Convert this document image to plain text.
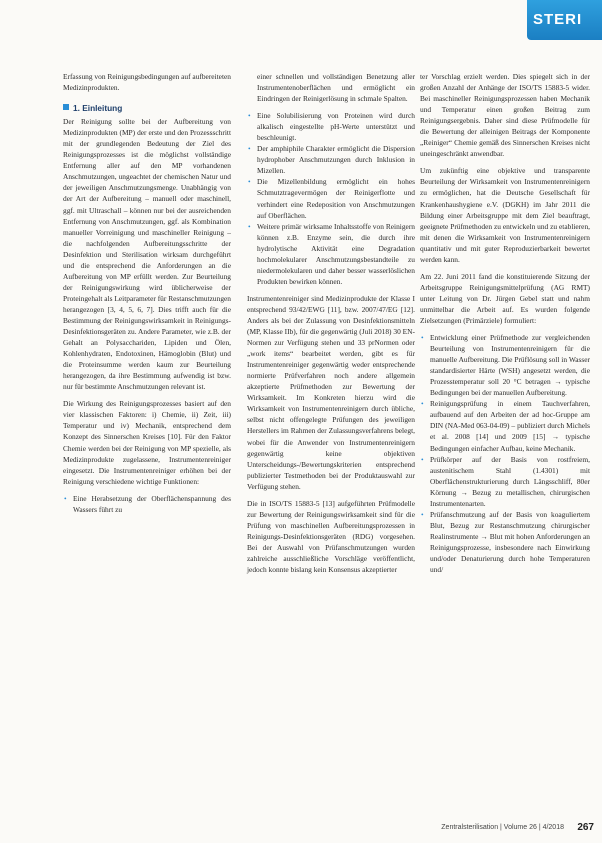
STERI

Erfassung von Reinigungsbedingungen auf aufbereiteten Medizinprodukten.

1. Einleitung

Der Reinigung sollte bei der Aufbereitung von Medizinprodukten (MP) der erste und den Prozessschritt mit der grundlegenden Bedeutung der Ziel des Reinigungsprozesses ist die möglichst vollständige Entfernung aller auf den MP vorhandenen Anschmutzungen, ungeachtet der chemischen Natur und der jeweiligen Anschmutzungsmenge. Unabhängig von der Art der Aufbereitung – manuell oder maschinell, ggf. mit Ultraschall – können nur bei der ausreichenden Entfernung von Anschmutzungen, ggf. als Kombination manueller Vorreinigung und maschineller Reinigung – die nachfolgenden Aufbereitungsschritte der Desinfektion und Sterilisation wirksam durchgeführt und die entsprechend die Anforderungen an die Aufbereitung von MP erfüllt werden. Zur Beurteilung der Reinigungswirkung wird üblicherweise der Proteingehalt als Leitparameter für Restanschmutzungen herangezogen [3, 4, 5, 6, 7]. Dies trifft auch für die Bestimmung der Reinigungswirksamkeit in Reinigungs-Desinfektionsgeräten zu. Andere Parameter, wie z.B. der Gehalt an Polysacchariden, Lipiden und Ölen, Kohlenhydraten, Endotoxinen, Hämoglobin (Blut) und die Proteinsumme werden kaum zur Beurteilung herangezogen, da ihre Bestimmung aufwendig ist bzw. nur für bestimmte Anschmutzungen relevant ist.

Die Wirkung des Reinigungsprozesses basiert auf den vier klassischen Faktoren: i) Chemie, ii) Zeit, iii) Temperatur und iv) Mechanik, entsprechend dem Konzept des Sinnerschen Kreises [10]. Für den Faktor Chemie werden bei der Reinigung von MP spezielle, als Medizinprodukte zugelassene, Instrumentenreiniger eingesetzt. Die Instrumentenreiniger erhöhen bei der Reinigung verschiedene wichtige Funktionen:

• Eine Herabsetzung der Oberflächenspannung des Wassers führt zu

einer schnellen und vollständigen Benetzung aller Instrumentenoberflächen und ermöglicht ein Eindringen der Reinigerlösung in schmale Spalten.

• Eine Solubilisierung von Proteinen wird durch alkalisch eingestellte pH-Werte unterstützt und beschleunigt.
• Der amphiphile Charakter ermöglicht die Dispersion hydrophober Anschmutzungen durch Inklusion in Mizellen.
• Die Mizellenbildung ermöglicht ein hohes Schmutztragevermögen der Reinigerflotte und verhindert eine Redeposition von Anschmutzungen auf Oberflächen.
• Weitere primär wirksame Inhaltsstoffe von Reinigern können z.B. Enzyme sein, die durch ihre hydrolytische Aktivität eine Degradation hochmolekularer Anschmutzungsbestandteile zu niedermolekularen und daher besser wasserlöslichen Produkten bewirken können.

Instrumentenreiniger sind Medizinprodukte der Klasse I entsprechend 93/42/EWG [11], bzw. 2007/47/EG [12]. Anders als bei der Zulassung von Desinfektionsmitteln (MP, Klasse IIb), für die gegenwärtig (Juli 2018) 30 EN-Normen zur Verfügung stehen und 33 prNormen oder „work items“ bearbeitet werden, gibt es für Instrumentenreiniger gegenwärtig weder entsprechende normierte Prüfverfahren noch andere allgemein akzeptierte Prüfmethoden zur Bewertung der Wirksamkeit. Im Konkreten hierzu wird die Wirksamkeit von Instrumentenreinigern durch übliche, selbst nicht offengelegte Prüfungen des jeweiligen Herstellers im Rahmen der Zulassungsverfahrens belegt, wobei für die Anwender von Instrumentenreinigern gegenwärtig keine objektiven Unterscheidungs-/Bewertungskriterien entsprechend publizierter Testmethoden bei der Produktauswahl zur Verfügung stehen.

Die in ISO/TS 15883-5 [13] aufgeführten Prüfmodelle zur Bewertung der Reinigungswirksamkeit sind für die Prüfung von maschinellen Aufbereitungsprozessen in Reinigungs-Desinfektionsgeräten (RDG) vorgesehen. Bei der Auswahl von Prüfanschmutzungen wurden zahlreiche ausschließliche Vorschläge veröffentlicht, jedoch konnte bislang kein Konsensus akzeptierter

ter Vorschlag erzielt werden. Dies spiegelt sich in der großen Anzahl der Anhänge der ISO/TS 15883-5 wider. Bei maschineller Reinigungsprozessen haben Mechanik und Temperatur einen großen Beitrag zum Reinigungsergebnis. Daher sind diese Prüfmodelle für die Bewertung der alleinigen Beitrags der Komponente „Reiniger“ Chemie gemäß des Sinnerschen Kreises nicht uneingeschränkt anwendbar.

Um zukünftig eine objektive und transparente Beurteilung der Wirksamkeit von Instrumentenreinigern zu ermöglichen, hat die Deutsche Gesellschaft für Krankenhaushygiene e.V. (DGKH) im Jahr 2011 die Bildung einer Arbeitsgruppe mit dem Ziel beauftragt, geeignete Prüfmethoden zu entwickeln und zu etablieren, mit denen die Wirksamkeit von Instrumentenreinigern quantitativ und mit guter Reproduzierbarkeit bewertet werden kann.

Am 22. Juni 2011 fand die konstituierende Sitzung der Arbeitsgruppe Reinigungsmittelprüfung (AG RMT) unter Leitung von Dr. Jürgen Gebel statt und nahm unmittelbar die Arbeit auf. Es wurden folgende Zielsetzungen (Primärziele) formuliert:

• Entwicklung einer Prüfmethode zur vergleichenden Beurteilung von Instrumentenreinigern für die manuelle Aufbereitung. Die Prüflösung soll in Wasser standardisierter Härte (WSH) angesetzt werden, die Prozesstemperatur soll 20 °C betragen → typische Bedingungen bei der manuellen Aufbereitung.
• Reinigungsprüfung in einem Tauchverfahren, aufbauend auf den Arbeiten der ad hoc-Gruppe am DIN (NA-Med 063-04-09) – publiziert durch Michels et al. 2008 [14] und 2009 [15] → typische Bedingungen einfacher Aufbau, keine Mechanik.
• Prüfkörper auf der Basis von rostfreiem, austenitischem Stahl (1.4301) mit Oberflächenstrukturierung durch Längsschliff, 80er Körnung → Bezug zu metallischen, chirurgischen Instrumentenarten.
• Prüfanschmutzung auf der Basis von koaguliertem Blut, Bezug zur Restanschmutzung chirurgischer Realinstrumente → Blut mit hohen Anforderungen an Reinigungsprozesse, insbesondere nach Einwirkung und/oder Denaturierung durch hohe Temperaturen und/
Zentralsterilisation | Volume 26 | 4/2018 267
